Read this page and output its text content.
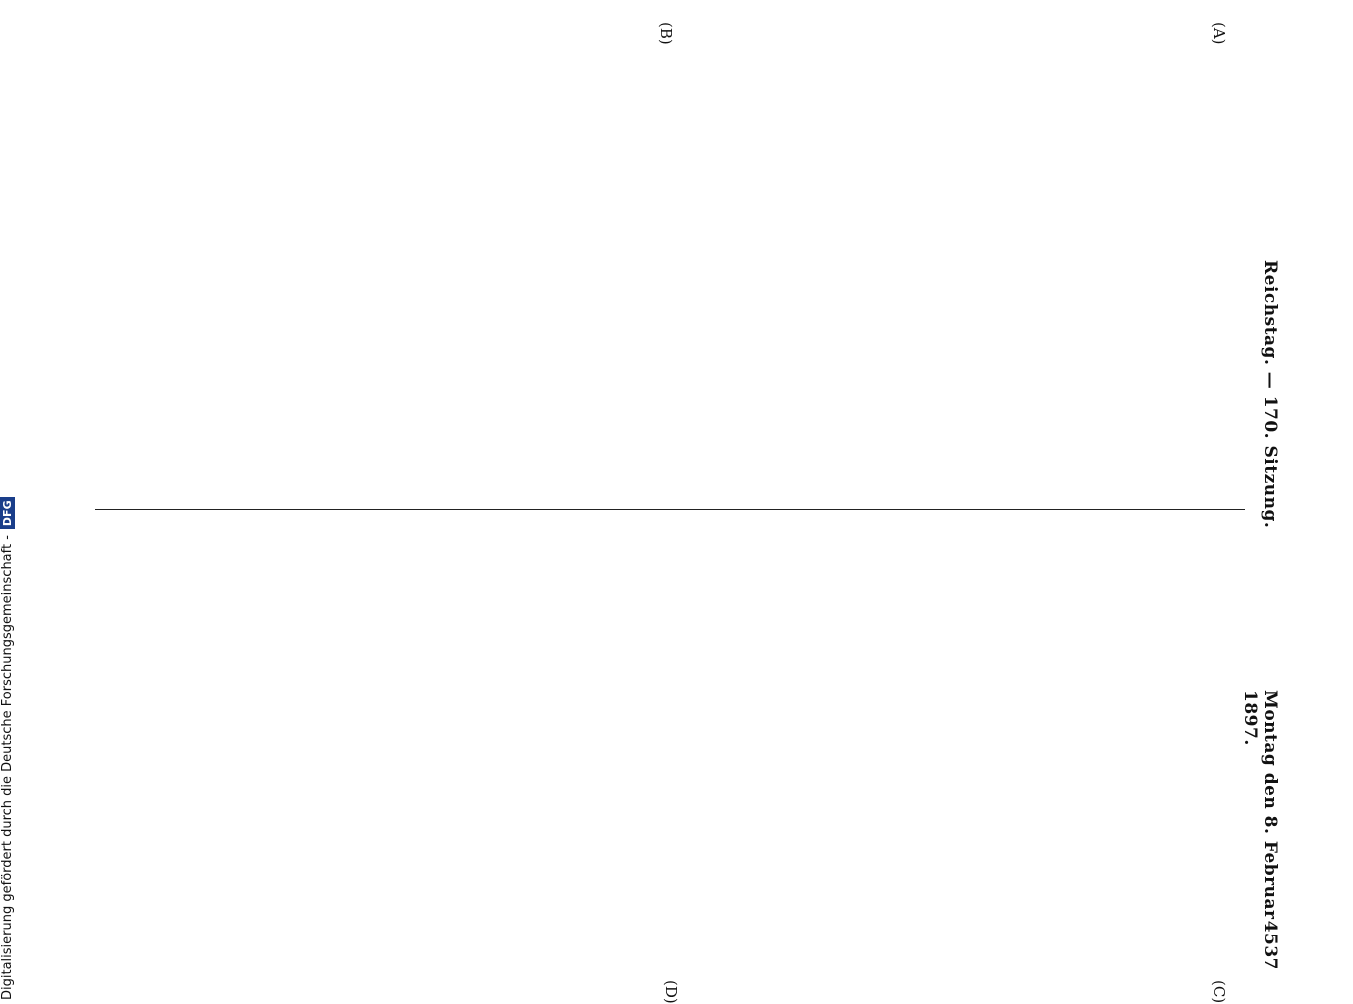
Reichstag. — 170. Sitzung.
Montag den 8. Februar 1897.
4537
(A)
(B)
(C)
(D)

Digitalisierung gefördert durch die Deutsche Forschungsgemeinschaft -DFG
